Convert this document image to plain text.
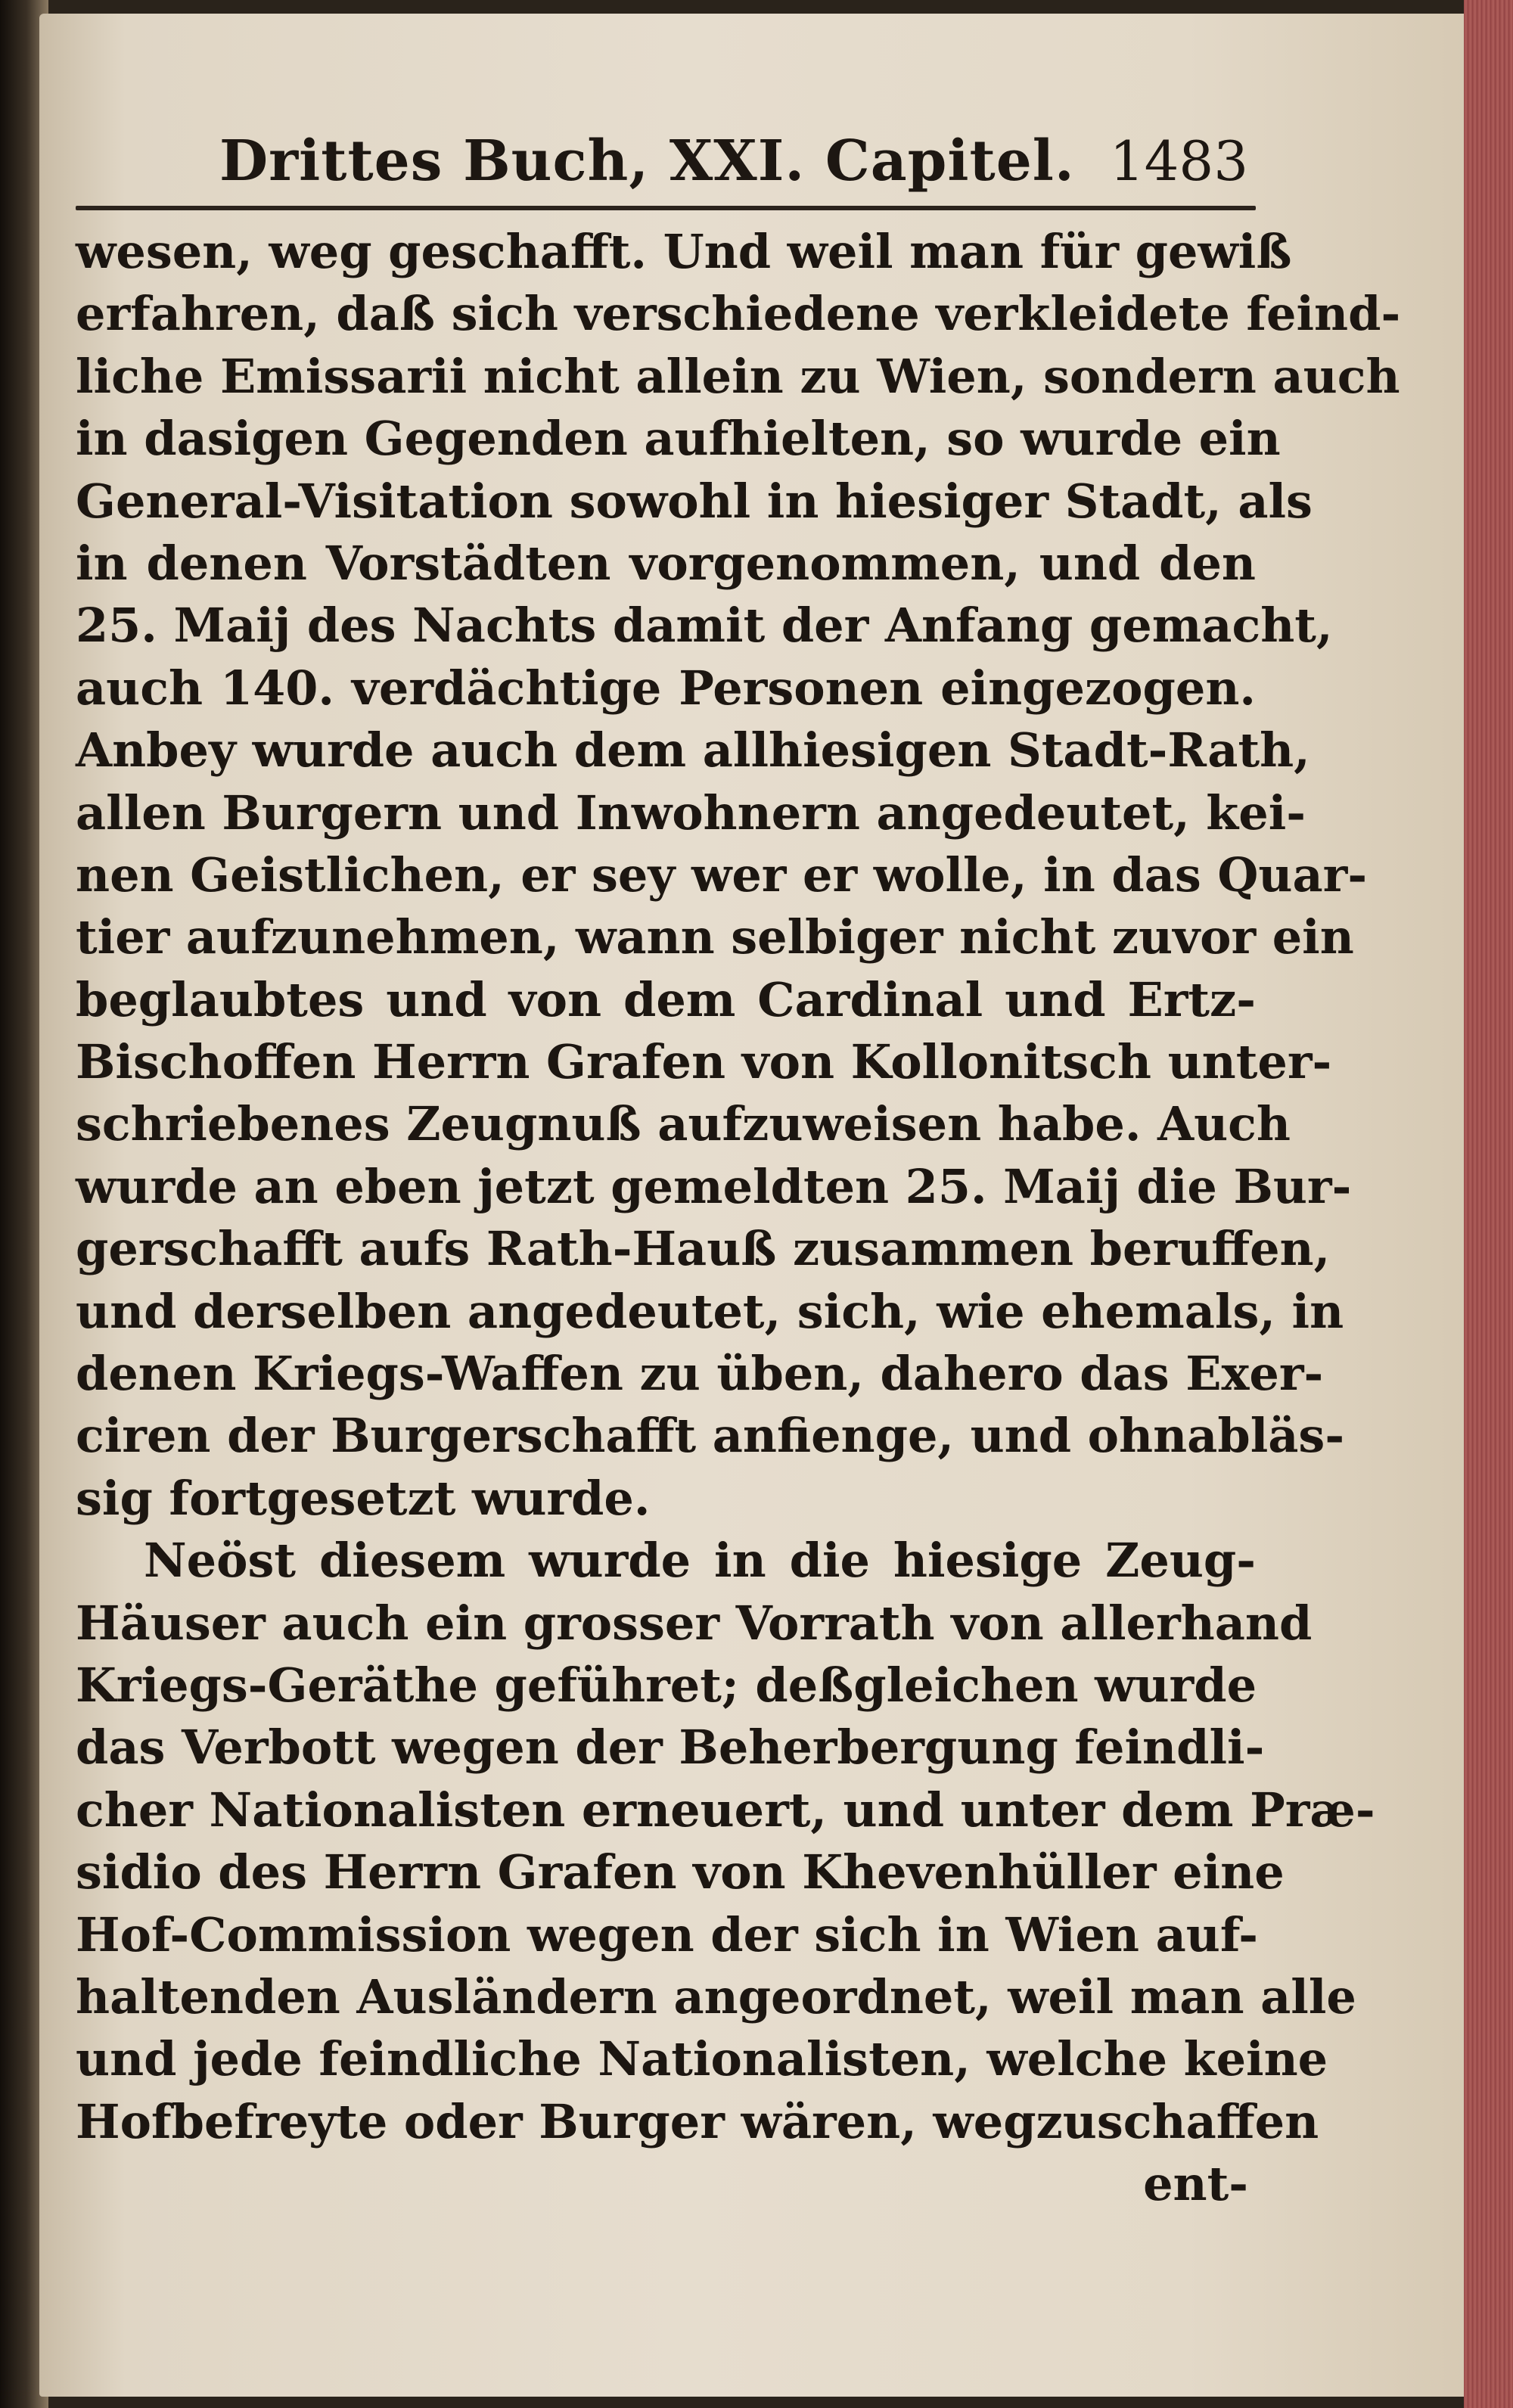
Drittes Buch, XXI. Capitel. 1483
wesen, weg geschafft. Und weil man für gewiß
erfahren, daß sich verschiedene verkleidete feind-
liche Emissarii nicht allein zu Wien, sondern auch
in dasigen Gegenden aufhielten, so wurde ein
General-Visitation sowohl in hiesiger Stadt, als
in denen Vorstädten vorgenommen, und den
25. Maij des Nachts damit der Anfang gemacht,
auch 140. verdächtige Personen eingezogen.
Anbey wurde auch dem allhiesigen Stadt-Rath,
allen Burgern und Inwohnern angedeutet, kei-
nen Geistlichen, er sey wer er wolle, in das Quar-
tier aufzunehmen, wann selbiger nicht zuvor ein
beglaubtes und von dem Cardinal und Ertz-
Bischoffen Herrn Grafen von Kollonitsch unter-
schriebenes Zeugnuß aufzuweisen habe. Auch
wurde an eben jetzt gemeldten 25. Maij die Bur-
gerschafft aufs Rath-Hauß zusammen beruffen,
und derselben angedeutet, sich, wie ehemals, in
denen Kriegs-Waffen zu üben, dahero das Exer-
ciren der Burgerschafft anfienge, und ohnabläs-
sig fortgesetzt wurde.
Neöst diesem wurde in die hiesige Zeug-
Häuser auch ein grosser Vorrath von allerhand
Kriegs-Geräthe geführet; deßgleichen wurde
das Verbott wegen der Beherbergung feindli-
cher Nationalisten erneuert, und unter dem Præ-
sidio des Herrn Grafen von Khevenhüller eine
Hof-Commission wegen der sich in Wien auf-
haltenden Ausländern angeordnet, weil man alle
und jede feindliche Nationalisten, welche keine
Hofbefreyte oder Burger wären, wegzuschaffen
ent-
